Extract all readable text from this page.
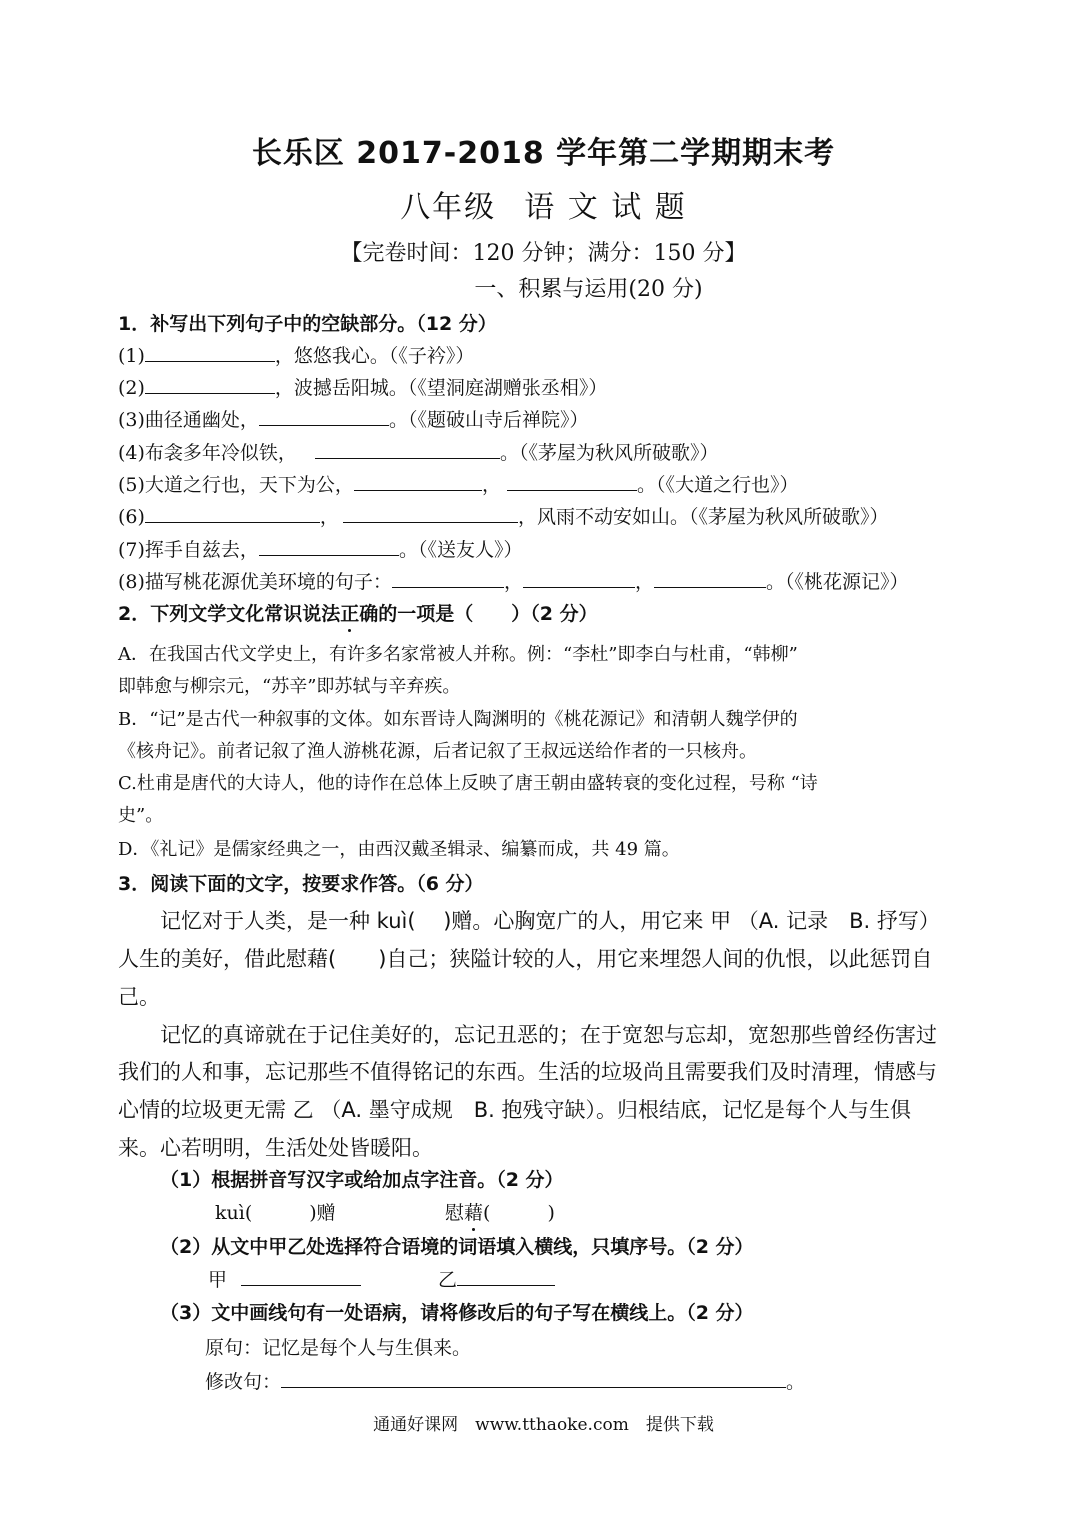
长乐区 2017-2018 学年第二学期期末考
八年级 语 文 试 题
【完卷时间：120 分钟；满分：150 分】
一、积累与运用(20 分)
1．补写出下列句子中的空缺部分。（12 分）
(1)	，悠悠我心。（《子衿》）
(2)	，波撼岳阳城。（《望洞庭湖赠张丞相》）
(3)曲径通幽处，	。（《题破山寺后禅院》）
(4)布衾多年冷似铁，	。（《茅屋为秋风所破歌》）
(5)大道之行也，天下为公，	，	。（《大道之行也》）
(6)	，	，风雨不动安如山。（《茅屋为秋风所破歌》）
(7)挥手自兹去，	。（《送友人》）
(8)描写桃花源优美环境的句子：	，	，	。（《桃花源记》）
2．下列文学文化常识说法正确的一项是（　　）（2 分）
A．在我国古代文学史上，有许多名家常被人并称。例：“李杜”即李白与杜甫，“韩柳”
即韩愈与柳宗元，“苏辛”即苏轼与辛弃疾。
B．“记”是古代一种叙事的文体。如东晋诗人陶渊明的《桃花源记》和清朝人魏学伊的
《核舟记》。前者记叙了渔人游桃花源，后者记叙了王叔远送给作者的一只核舟。
C.杜甫是唐代的大诗人，他的诗作在总体上反映了唐王朝由盛转衰的变化过程，号称 “诗
史”。
D．《礼记》是儒家经典之一，由西汉戴圣辑录、编纂而成，共 49 篇。
3．阅读下面的文字，按要求作答。（6 分）
记忆对于人类，是一种 kuì(　 )赠。心胸宽广的人，用它来 甲 （A. 记录　B. 抒写）
人生的美好，借此慰藉(　　)自己；狭隘计较的人，用它来埋怨人间的仇恨，以此惩罚自
己。
记忆的真谛就在于记住美好的，忘记丑恶的；在于宽恕与忘却，宽恕那些曾经伤害过
我们的人和事，忘记那些不值得铭记的东西。生活的垃圾尚且需要我们及时清理，情感与
心情的垃圾更无需 乙 （A. 墨守成规　B. 抱残守缺）。归根结底，记忆是每个人与生俱
来。心若明明，生活处处皆暖阳。
（1）根据拼音写汉字或给加点字注音。（2 分）
kuì(　　　)赠	慰藉(　　　)
（2）从文中甲乙处选择符合语境的词语填入横线，只填序号。（2 分）
甲	乙
（3）文中画线句有一处语病，请将修改后的句子写在横线上。（2 分）
原句：记忆是每个人与生俱来。
修改句：	。
通通好课网　www.tthaoke.com　提供下载
